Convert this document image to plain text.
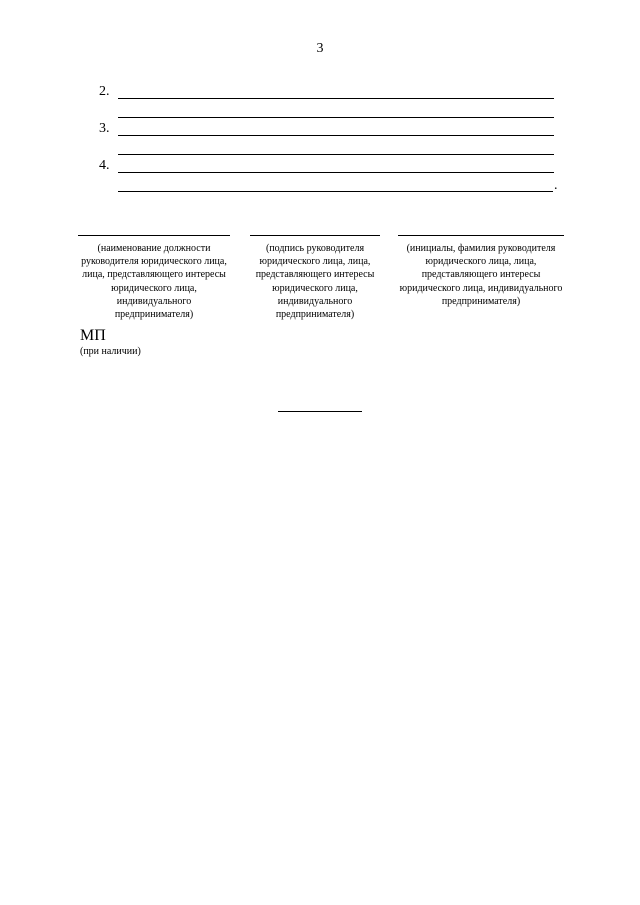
3
2.
3.
4.
.
(наименование должности руководителя юридического лица, лица, представляющего интересы юридического лица, индивидуального предпринимателя)
(подпись руководителя юридического лица, лица, представляющего интересы юридического лица, индивидуального предпринимателя)
(инициалы, фамилия руководителя юридического лица, лица, представляющего интересы юридического лица, индивидуального предпринимателя)
МП
(при наличии)
